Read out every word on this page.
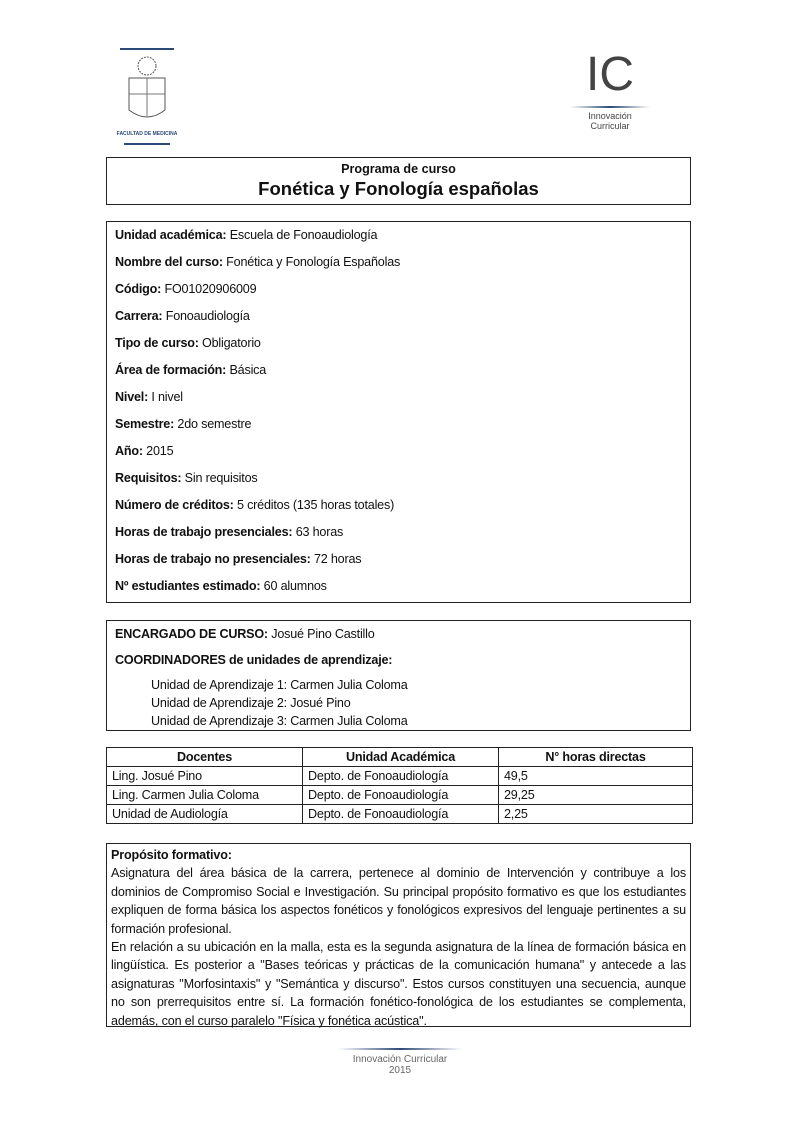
FACULTAD DE MEDICINA
IC
Innovación
Curricular
Programa de curso
Fonética y Fonología españolas
Unidad académica: Escuela de Fonoaudiología
Nombre del curso: Fonética y Fonología Españolas
Código: FO01020906009
Carrera: Fonoaudiología
Tipo de curso: Obligatorio
Área de formación: Básica
Nivel: I nivel
Semestre: 2do semestre
Año: 2015
Requisitos: Sin requisitos
Número de créditos: 5 créditos (135 horas totales)
Horas de trabajo presenciales: 63 horas
Horas de trabajo no presenciales: 72 horas
Nº estudiantes estimado: 60 alumnos
ENCARGADO DE CURSO: Josué Pino Castillo
COORDINADORES de unidades de aprendizaje:
Unidad de Aprendizaje 1: Carmen Julia Coloma
Unidad de Aprendizaje 2: Josué Pino
Unidad de Aprendizaje 3: Carmen Julia Coloma
Docentes	Unidad Académica	N° horas directas
Ling. Josué Pino	Depto. de Fonoaudiología	49,5
Ling. Carmen Julia Coloma	Depto. de Fonoaudiología	29,25
Unidad de Audiología	Depto. de Fonoaudiología	2,25
Propósito formativo:
Asignatura del área básica de la carrera, pertenece al dominio de Intervención y contribuye a los dominios de Compromiso Social e Investigación. Su principal propósito formativo es que los estudiantes expliquen de forma básica los aspectos fonéticos y fonológicos expresivos del lenguaje pertinentes a su formación profesional.
En relación a su ubicación en la malla, esta es la segunda asignatura de la línea de formación básica en lingüística. Es posterior a "Bases teóricas y prácticas de la comunicación humana" y antecede a las asignaturas "Morfosintaxis" y "Semántica y discurso". Estos cursos constituyen una secuencia, aunque no son prerrequisitos entre sí. La formación fonético-fonológica de los estudiantes se complementa, además, con el curso paralelo "Física y fonética acústica".
Innovación Curricular
2015
